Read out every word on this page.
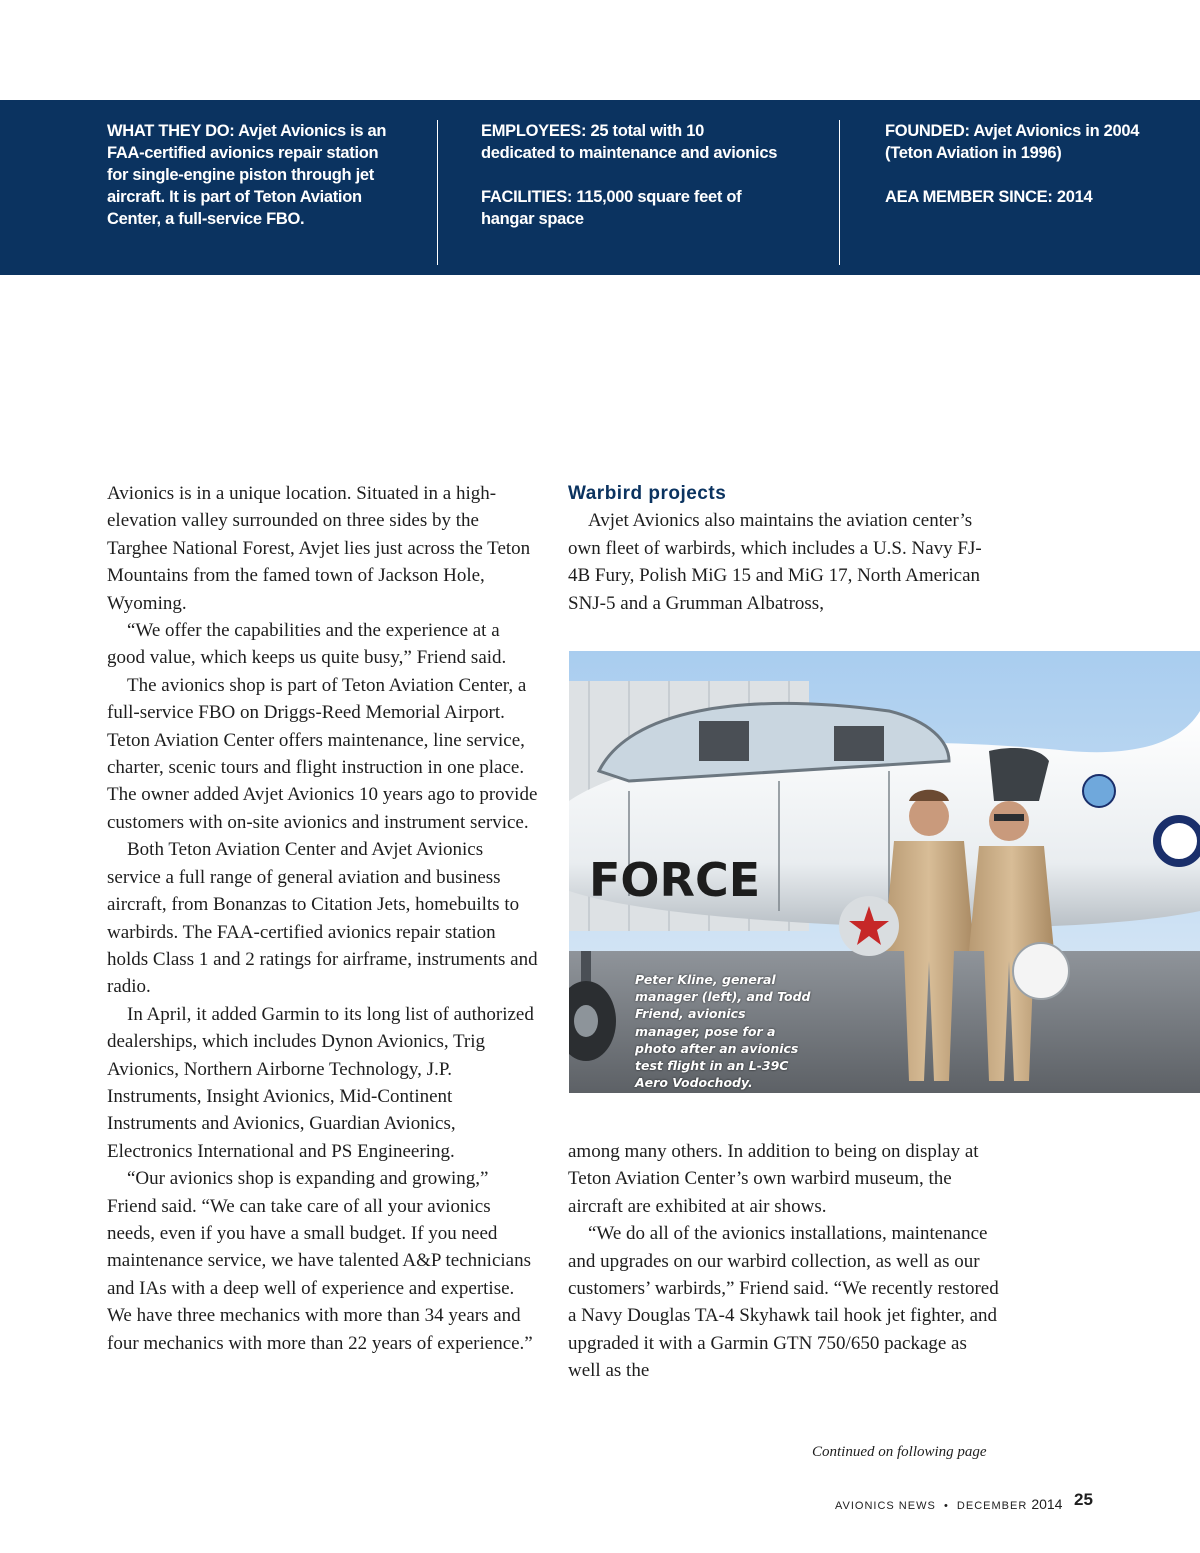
WHAT THEY DO: Avjet Avionics is an FAA-certified avionics repair station for single-engine piston through jet aircraft. It is part of Teton Aviation Center, a full-service FBO.

EMPLOYEES: 25 total with 10 dedicated to maintenance and avionics

FACILITIES: 115,000 square feet of hangar space

FOUNDED: Avjet Avionics in 2004 (Teton Aviation in 1996)

AEA MEMBER SINCE: 2014

Avionics is in a unique location. Situated in a high-elevation valley surrounded on three sides by the Targhee National Forest, Avjet lies just across the Teton Mountains from the famed town of Jackson Hole, Wyoming.

“We offer the capabilities and the experience at a good value, which keeps us quite busy,” Friend said.

The avionics shop is part of Teton Aviation Center, a full-service FBO on Driggs-Reed Memorial Airport. Teton Aviation Center offers maintenance, line service, charter, scenic tours and flight instruction in one place. The owner added Avjet Avionics 10 years ago to provide customers with on-site avionics and instrument service.

Both Teton Aviation Center and Avjet Avionics service a full range of general aviation and business aircraft, from Bonanzas to Citation Jets, homebuilts to warbirds. The FAA-certified avionics repair station holds Class 1 and 2 ratings for airframe, instruments and radio.

In April, it added Garmin to its long list of authorized dealerships, which includes Dynon Avionics, Trig Avionics, Northern Airborne Technology, J.P. Instruments, Insight Avionics, Mid-Continent Instruments and Avionics, Guardian Avionics, Electronics International and PS Engineering.

“Our avionics shop is expanding and growing,” Friend said. “We can take care of all your avionics needs, even if you have a small budget. If you need maintenance service, we have talented A&P technicians and IAs with a deep well of experience and expertise. We have three mechanics with more than 34 years and four mechanics with more than 22 years of experience.”

Warbird projects

Avjet Avionics also maintains the aviation center’s own fleet of warbirds, which includes a U.S. Navy FJ-4B Fury, Polish MiG 15 and MiG 17, North American SNJ-5 and a Grumman Albatross,

FORCE
Peter Kline, general manager (left), and Todd Friend, avionics manager, pose for a photo after an avionics test flight in an L-39C Aero Vodochody.

among many others. In addition to being on display at Teton Aviation Center’s own warbird museum, the aircraft are exhibited at air shows.

“We do all of the avionics installations, maintenance and upgrades on our warbird collection, as well as our customers’ warbirds,” Friend said. “We recently restored a Navy Douglas TA-4 Skyhawk tail hook jet fighter, and upgraded it with a Garmin GTN 750/650 package as well as the

Continued on following page
AVIONICS NEWS • DECEMBER 2014 25
